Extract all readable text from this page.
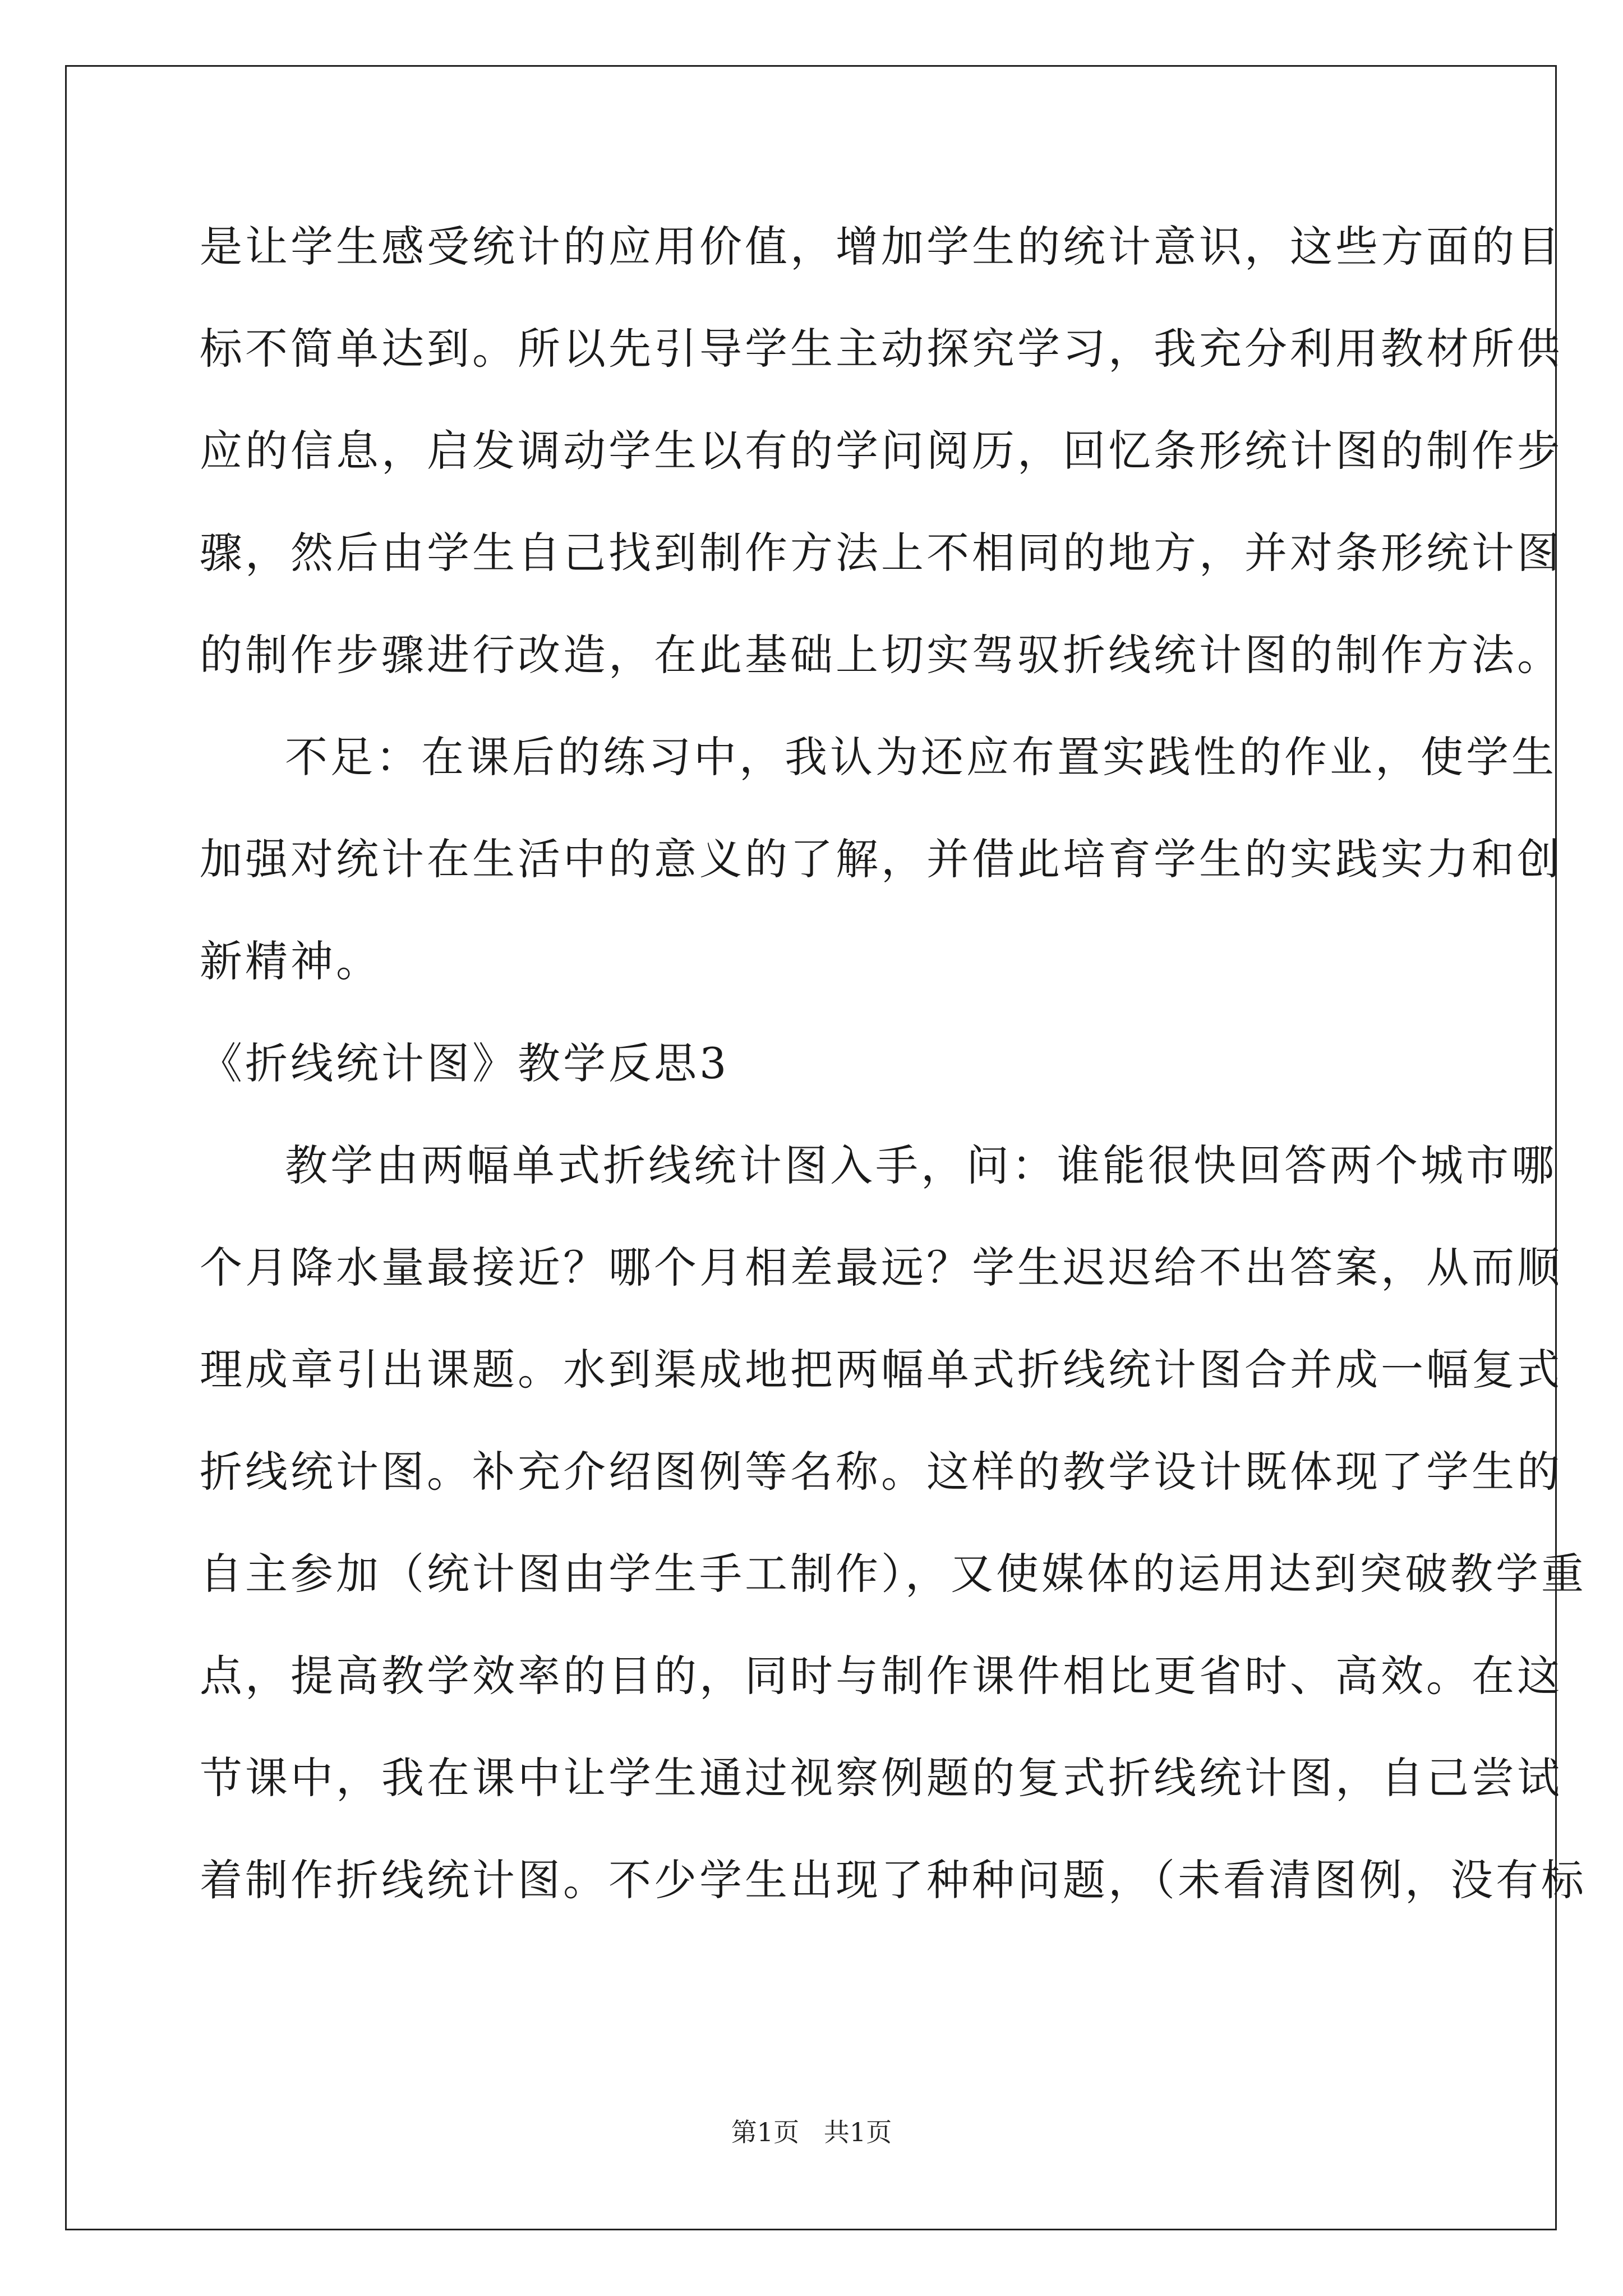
是让学生感受统计的应用价值，增加学生的统计意识，这些方面的目
标不简单达到。所以先引导学生主动探究学习，我充分利用教材所供
应的信息，启发调动学生以有的学问阅历，回忆条形统计图的制作步
骤，然后由学生自己找到制作方法上不相同的地方，并对条形统计图
的制作步骤进行改造，在此基础上切实驾驭折线统计图的制作方法。
不足：在课后的练习中，我认为还应布置实践性的作业，使学生
加强对统计在生活中的意义的了解，并借此培育学生的实践实力和创
新精神。
《折线统计图》教学反思3
教学由两幅单式折线统计图入手，问：谁能很快回答两个城市哪
个月降水量最接近？哪个月相差最远？学生迟迟给不出答案，从而顺
理成章引出课题。水到渠成地把两幅单式折线统计图合并成一幅复式
折线统计图。补充介绍图例等名称。这样的教学设计既体现了学生的
自主参加（统计图由学生手工制作），又使媒体的运用达到突破教学重
点，提高教学效率的目的，同时与制作课件相比更省时、高效。在这
节课中，我在课中让学生通过视察例题的复式折线统计图，自己尝试
着制作折线统计图。不少学生出现了种种问题，（未看清图例，没有标
第1页   共1页
